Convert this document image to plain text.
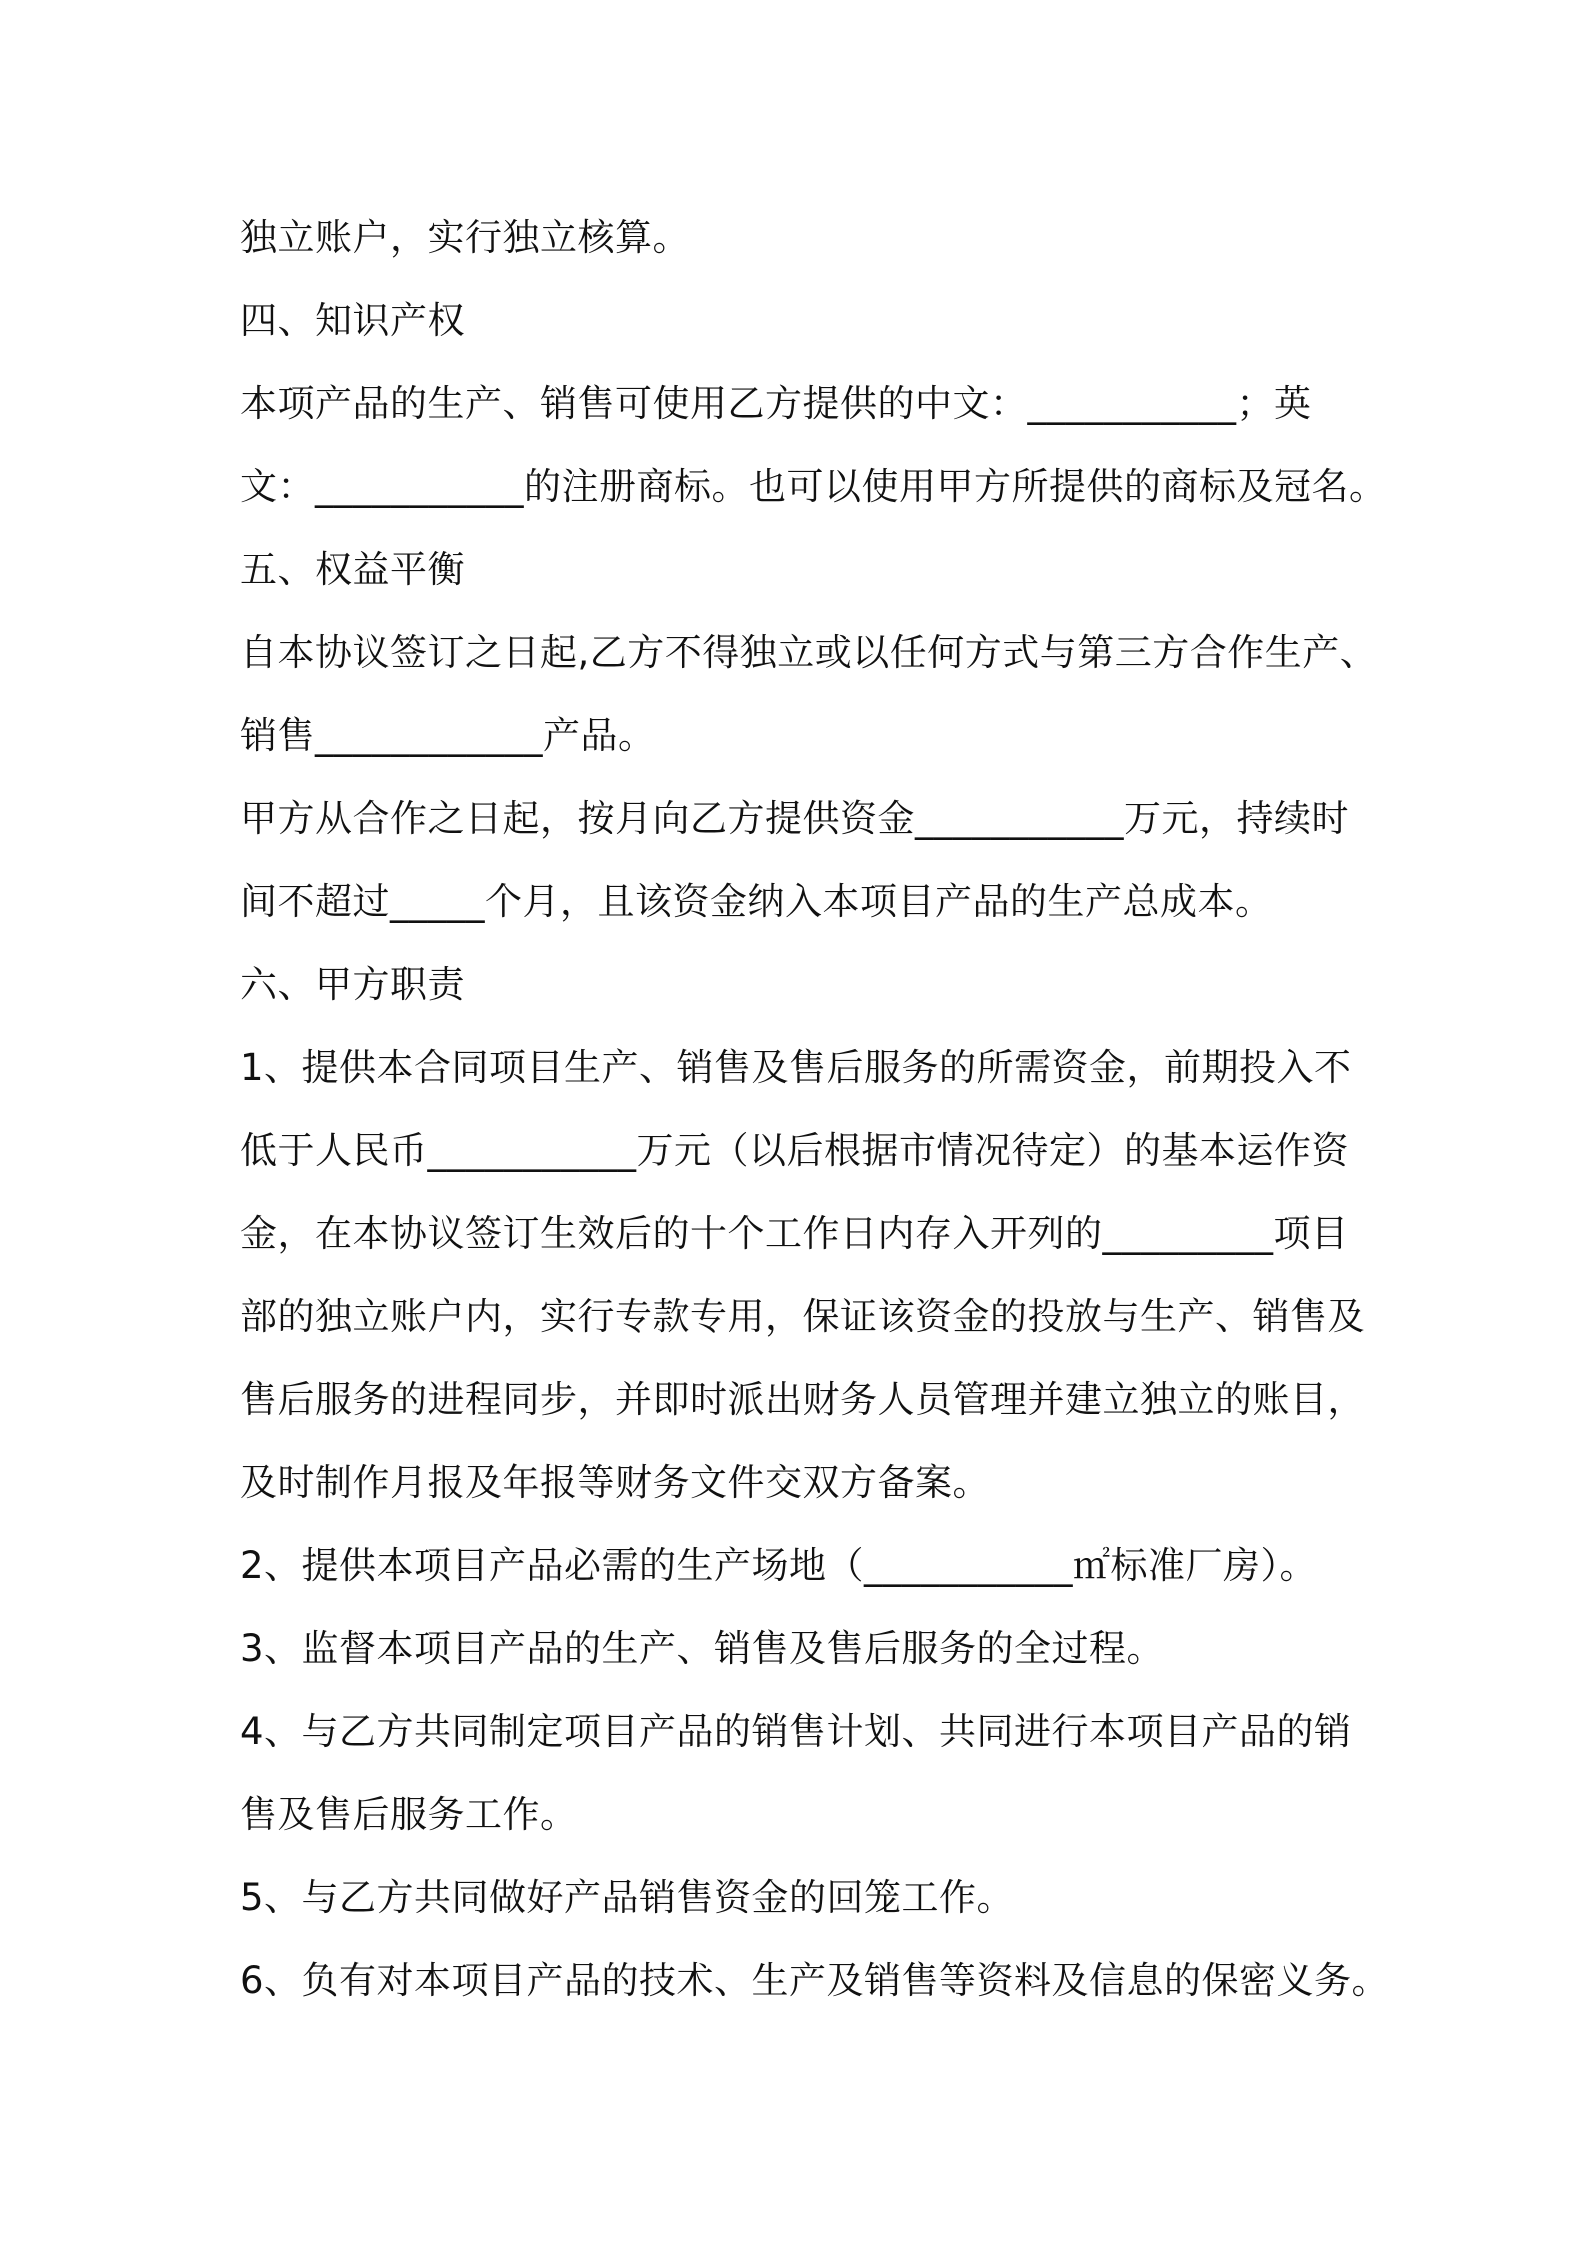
独立账户，实行独立核算。
四、知识产权
本项产品的生产、销售可使用乙方提供的中文：___________；英
文：___________的注册商标。也可以使用甲方所提供的商标及冠名。
五、权益平衡
自本协议签订之日起,乙方不得独立或以任何方式与第三方合作生产、
销售____________产品。
甲方从合作之日起，按月向乙方提供资金___________万元，持续时
间不超过_____个月，且该资金纳入本项目产品的生产总成本。
六、甲方职责
1、提供本合同项目生产、销售及售后服务的所需资金，前期投入不
低于人民币___________万元（以后根据市情况待定）的基本运作资
金，在本协议签订生效后的十个工作日内存入开列的_________项目
部的独立账户内，实行专款专用，保证该资金的投放与生产、销售及
售后服务的进程同步，并即时派出财务人员管理并建立独立的账目，
及时制作月报及年报等财务文件交双方备案。
2、提供本项目产品必需的生产场地（___________㎡标准厂房）。
3、监督本项目产品的生产、销售及售后服务的全过程。
4、与乙方共同制定项目产品的销售计划、共同进行本项目产品的销
售及售后服务工作。
5、与乙方共同做好产品销售资金的回笼工作。
6、负有对本项目产品的技术、生产及销售等资料及信息的保密义务。
